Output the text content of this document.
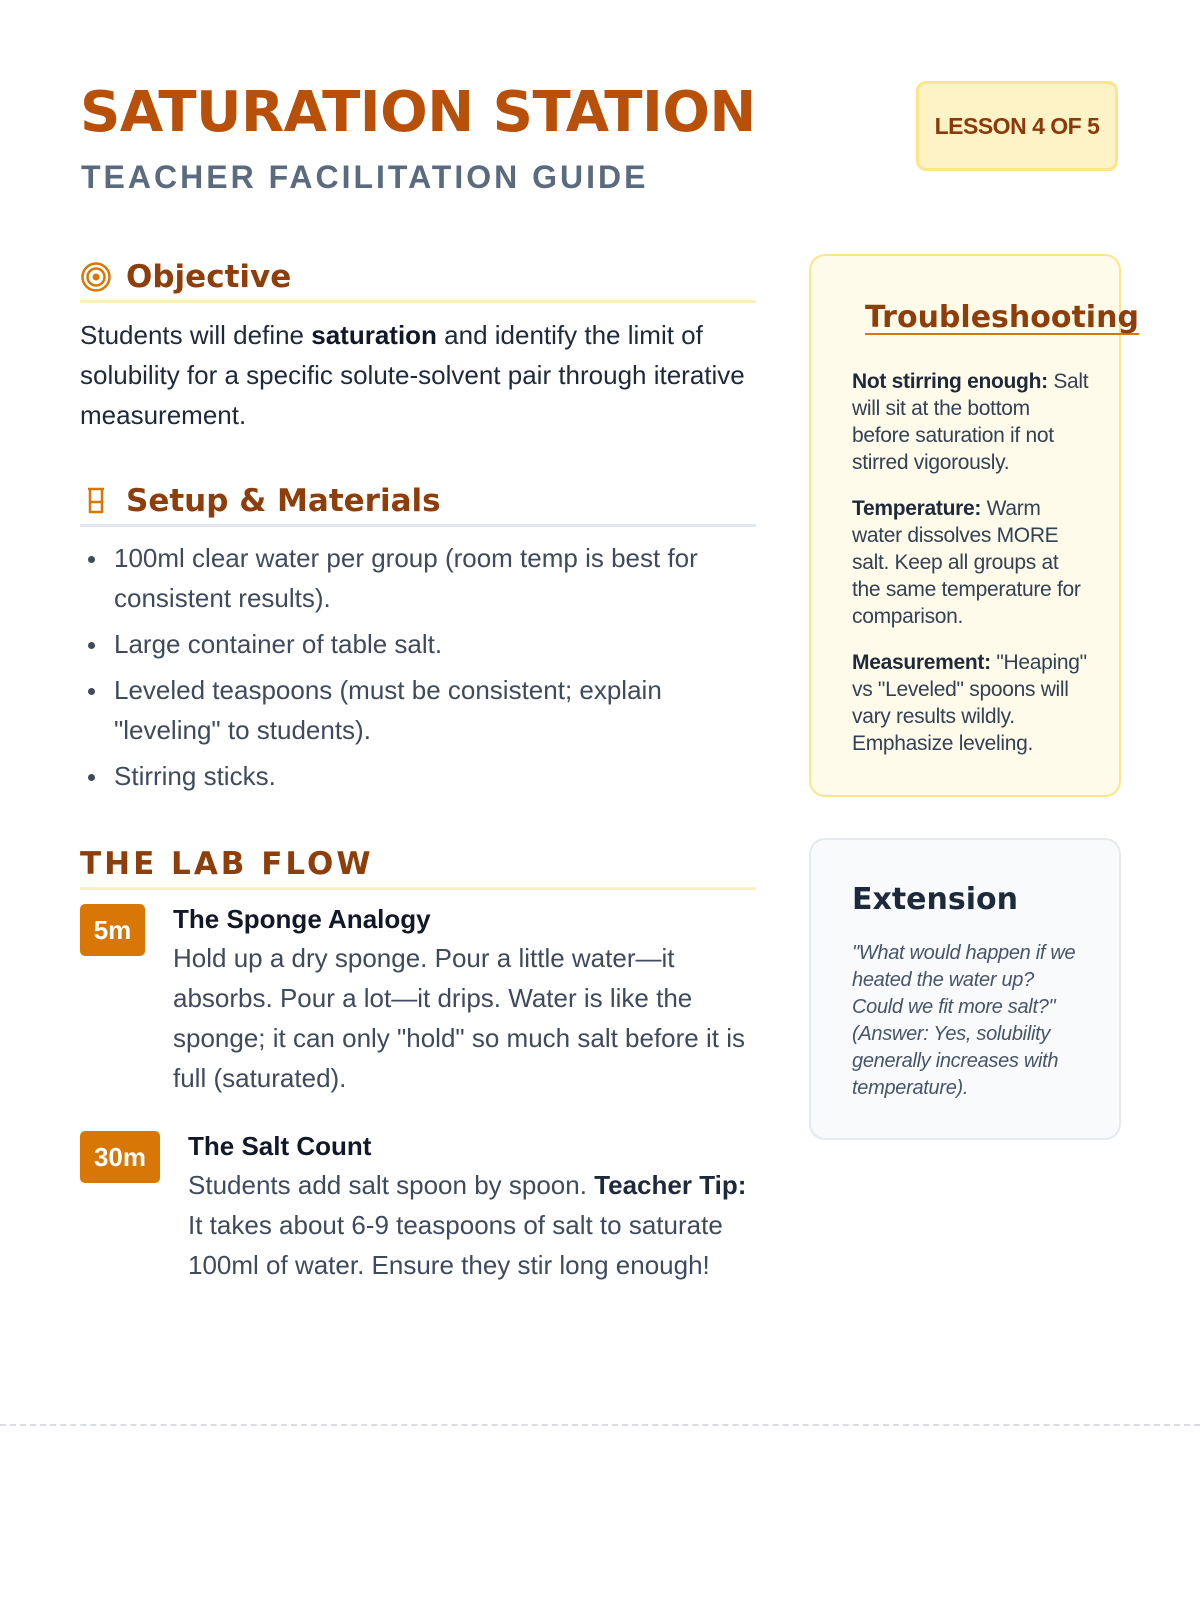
SATURATION STATION
TEACHER FACILITATION GUIDE
LESSON 4 OF 5
Objective

Students will define saturation and identify the limit of solubility for a specific solute-solvent pair through iterative measurement.

Setup & Materials
100ml clear water per group (room temp is best for consistent results).
Large container of table salt.
Leveled teaspoons (must be consistent; explain "leveling" to students).
Stirring sticks.
THE LAB FLOW
5m	The Sponge Analogy

Hold up a dry sponge. Pour a little water—it absorbs. Pour a lot—it drips. Water is like the sponge; it can only "hold" so much salt before it is full (saturated).

30m	The Salt Count

Students add salt spoon by spoon. Teacher Tip: It takes about 6-9 teaspoons of salt to saturate 100ml of water. Ensure they stir long enough!

Troubleshooting

Not stirring enough: Salt will sit at the bottom before saturation if not stirred vigorously.

Temperature: Warm water dissolves MORE salt. Keep all groups at the same temperature for comparison.

Measurement: "Heaping" vs "Leveled" spoons will vary results wildly. Emphasize leveling.

Extension

"What would happen if we heated the water up? Could we fit more salt?" (Answer: Yes, solubility generally increases with temperature).
